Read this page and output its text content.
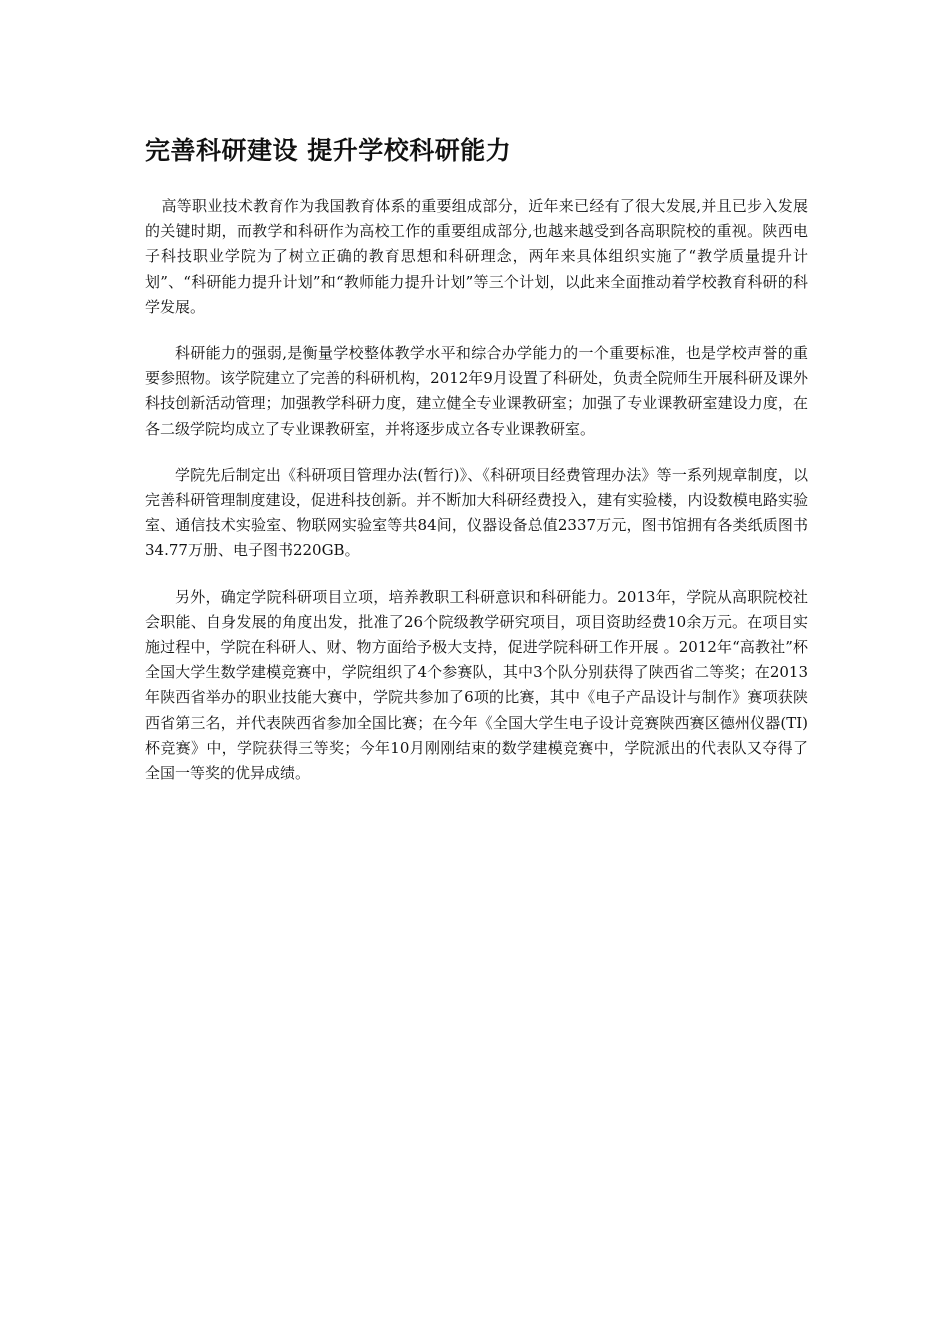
完善科研建设 提升学校科研能力

高等职业技术教育作为我国教育体系的重要组成部分，近年来已经有了很大发展,并且已步入发展的关键时期，而教学和科研作为高校工作的重要组成部分,也越来越受到各高职院校的重视。陕西电子科技职业学院为了树立正确的教育思想和科研理念，两年来具体组织实施了“教学质量提升计划”、“科研能力提升计划”和“教师能力提升计划”等三个计划，以此来全面推动着学校教育科研的科学发展。

科研能力的强弱,是衡量学校整体教学水平和综合办学能力的一个重要标准，也是学校声誉的重要参照物。该学院建立了完善的科研机构，2012年9月设置了科研处，负责全院师生开展科研及课外科技创新活动管理；加强教学科研力度，建立健全专业课教研室；加强了专业课教研室建设力度，在各二级学院均成立了专业课教研室，并将逐步成立各专业课教研室。

学院先后制定出《科研项目管理办法(暂行)》、《科研项目经费管理办法》等一系列规章制度，以完善科研管理制度建设，促进科技创新。并不断加大科研经费投入，建有实验楼，内设数模电路实验室、通信技术实验室、物联网实验室等共84间，仪器设备总值2337万元，图书馆拥有各类纸质图书34.77万册、电子图书220GB。

另外，确定学院科研项目立项，培养教职工科研意识和科研能力。2013年，学院从高职院校社会职能、自身发展的角度出发，批准了26个院级教学研究项目，项目资助经费10余万元。在项目实施过程中，学院在科研人、财、物方面给予极大支持，促进学院科研工作开展 。2012年“高教社”杯全国大学生数学建模竞赛中，学院组织了4个参赛队，其中3个队分别获得了陕西省二等奖；在2013年陕西省举办的职业技能大赛中，学院共参加了6项的比赛，其中《电子产品设计与制作》赛项获陕西省第三名，并代表陕西省参加全国比赛；在今年《全国大学生电子设计竞赛陕西赛区德州仪器(TI)杯竞赛》中，学院获得三等奖；今年10月刚刚结束的数学建模竞赛中，学院派出的代表队又夺得了全国一等奖的优异成绩。
